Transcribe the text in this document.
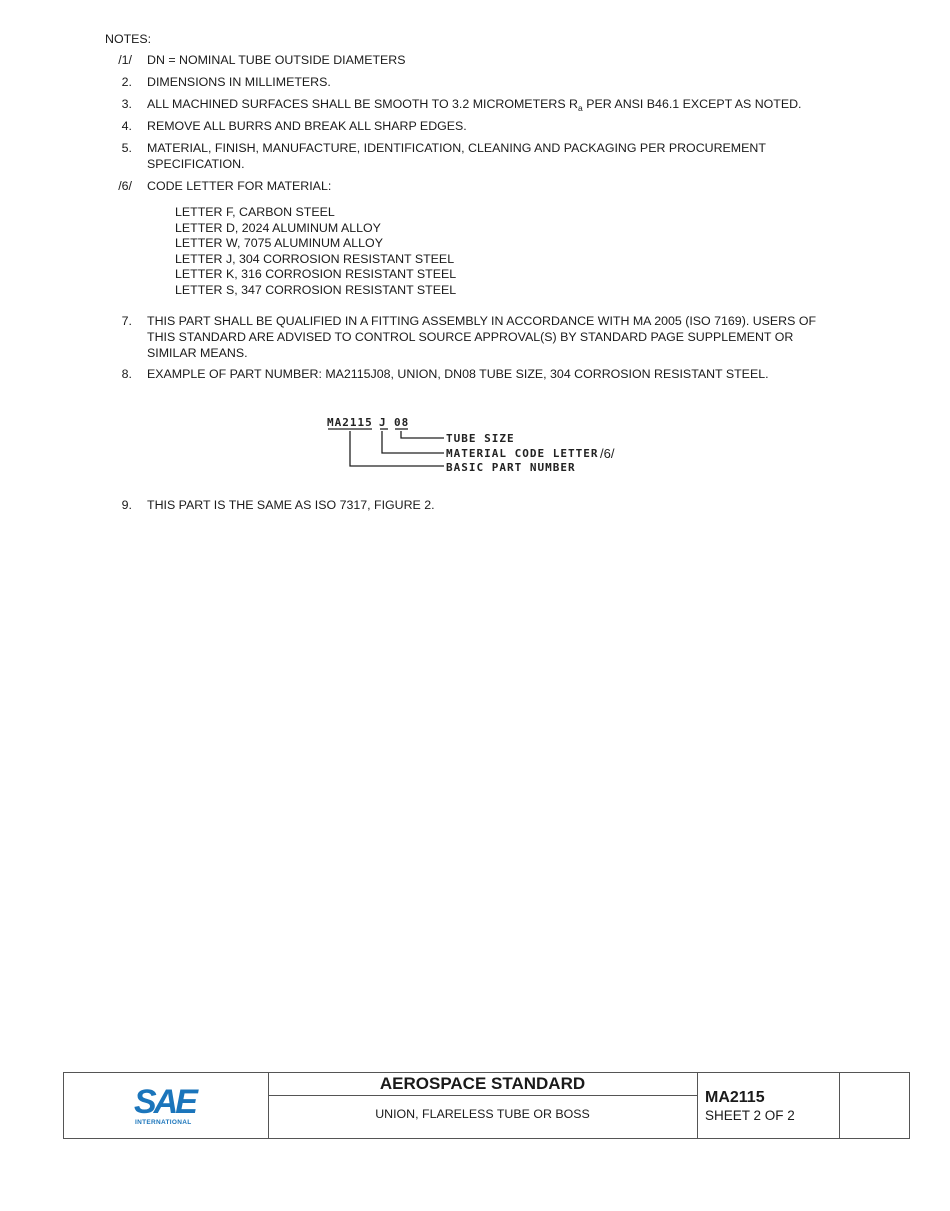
NOTES:
/1/ DN = NOMINAL TUBE OUTSIDE DIAMETERS
2. DIMENSIONS IN MILLIMETERS.
3. ALL MACHINED SURFACES SHALL BE SMOOTH TO 3.2 MICROMETERS $R_a$ PER ANSI B46.1 EXCEPT AS NOTED.
4. REMOVE ALL BURRS AND BREAK ALL SHARP EDGES.
5. MATERIAL, FINISH, MANUFACTURE, IDENTIFICATION, CLEANING AND PACKAGING PER PROCUREMENT SPECIFICATION.
/6/ CODE LETTER FOR MATERIAL:
LETTER F, CARBON STEEL
LETTER D, 2024 ALUMINUM ALLOY
LETTER W, 7075 ALUMINUM ALLOY
LETTER J, 304 CORROSION RESISTANT STEEL
LETTER K, 316 CORROSION RESISTANT STEEL
LETTER S, 347 CORROSION RESISTANT STEEL
7. THIS PART SHALL BE QUALIFIED IN A FITTING ASSEMBLY IN ACCORDANCE WITH MA 2005 (ISO 7169). USERS OF THIS STANDARD ARE ADVISED TO CONTROL SOURCE APPROVAL(S) BY STANDARD PAGE SUPPLEMENT OR SIMILAR MEANS.
8. EXAMPLE OF PART NUMBER: MA2115J08, UNION, DN08 TUBE SIZE, 304 CORROSION RESISTANT STEEL.
MA2115 J 08
TUBE SIZE
MATERIAL CODE LETTER /6/
BASIC PART NUMBER
9. THIS PART IS THE SAME AS ISO 7317, FIGURE 2.
SAE
INTERNATIONAL
AEROSPACE STANDARD
UNION, FLARELESS TUBE OR BOSS
MA2115
SHEET 2 OF 2
